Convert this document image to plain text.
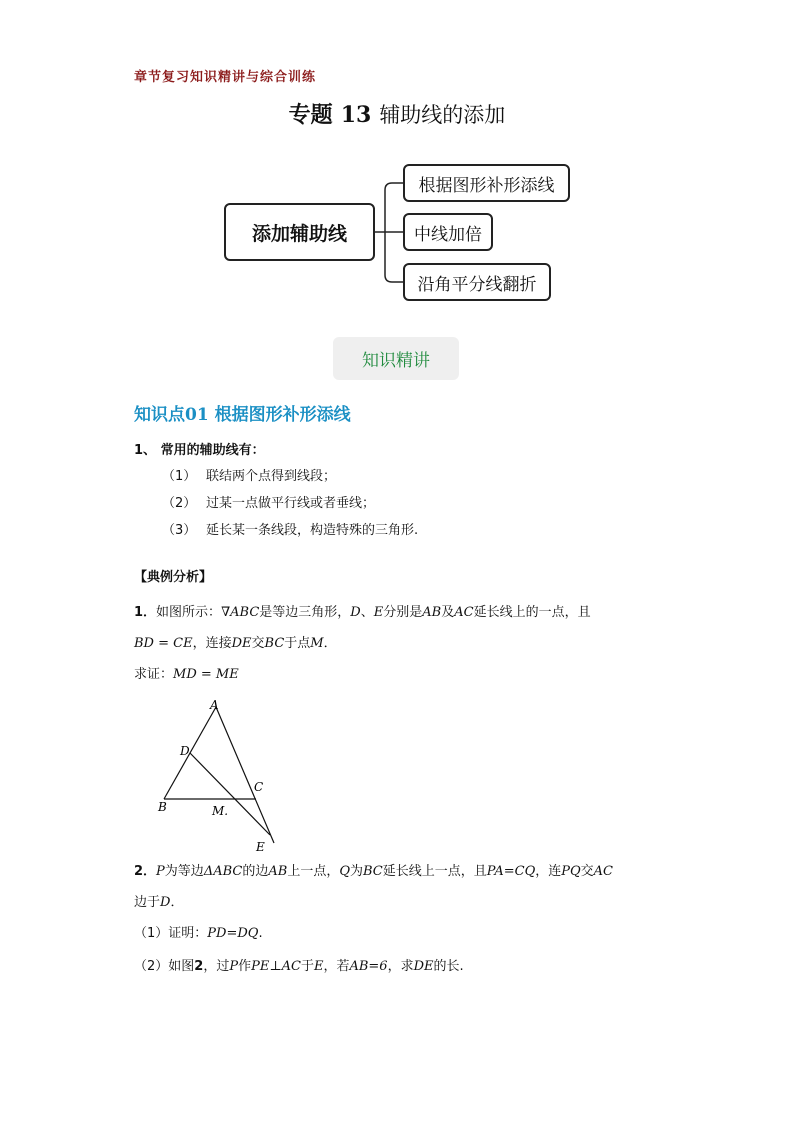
章节复习知识精讲与综合训练
专题 13 辅助线的添加
添加辅助线
根据图形补形添线
中线加倍
沿角平分线翻折
知识精讲
知识点01 根据图形补形添线
1、 常用的辅助线有：
（1） 联结两个点得到线段；
（2） 过某一点做平行线或者垂线；
（3） 延长某一条线段，构造特殊的三角形.
【典例分析】
1．如图所示：∇ABC是等边三角形，D、E分别是AB及AC延长线上的一点，且
BD = CE，连接DE交BC于点M．
求证：MD = ME
A
D
C
B	M.
E
2．P为等边ΔABC的边AB上一点，Q为BC延长线上一点，且PA=CQ，连PQ交AC
边于D．
（1）证明：PD=DQ.
（2）如图2，过P作PE⊥AC于E，若AB=6，求DE的长.
